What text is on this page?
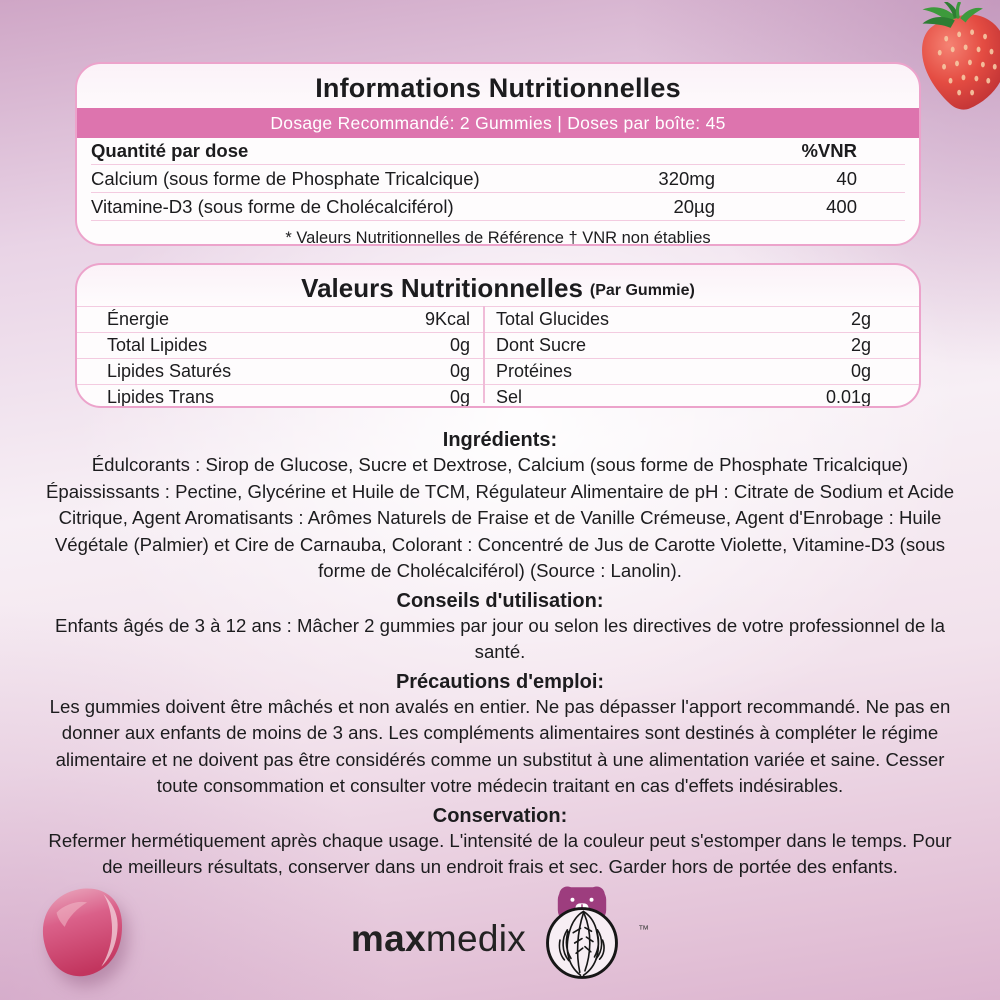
Informations Nutritionnelles
Dosage Recommandé: 2 Gummies | Doses par boîte: 45
Quantité par dose	%VNR
Calcium (sous forme de Phosphate Tricalcique)	320mg	40
Vitamine-D3 (sous forme de Cholécalciférol)	20µg	400
* Valeurs Nutritionnelles de Référence † VNR non établies
Valeurs Nutritionnelles (Par Gummie)
Énergie	9Kcal Total Glucides	2g
Total Lipides	0g Dont Sucre	2g
Lipides Saturés	0g Protéines	0g
Lipides Trans	0g Sel	0.01g
Ingrédients:
Édulcorants : Sirop de Glucose, Sucre et Dextrose, Calcium (sous forme de Phosphate Tricalcique) Épaississants : Pectine, Glycérine et Huile de TCM, Régulateur Alimentaire de pH : Citrate de Sodium et Acide Citrique, Agent Aromatisants : Arômes Naturels de Fraise et de Vanille Crémeuse, Agent d'Enrobage : Huile Végétale (Palmier) et Cire de Carnauba, Colorant : Concentré de Jus de Carotte Violette, Vitamine-D3 (sous forme de Cholécalciférol) (Source : Lanolin).
Conseils d'utilisation:
Enfants âgés de 3 à 12 ans : Mâcher 2 gummies par jour ou selon les directives de votre professionnel de la santé.
Précautions d'emploi:
Les gummies doivent être mâchés et non avalés en entier. Ne pas dépasser l'apport recommandé. Ne pas en donner aux enfants de moins de 3 ans. Les compléments alimentaires sont destinés à compléter le régime alimentaire et ne doivent pas être considérés comme un substitut à une alimentation variée et saine. Cesser toute consommation et consulter votre médecin traitant en cas d'effets indésirables.
Conservation:
Refermer hermétiquement après chaque usage. L'intensité de la couleur peut s'estomper dans le temps. Pour de meilleurs résultats, conserver dans un endroit frais et sec. Garder hors de portée des enfants.
maxmedix	™
